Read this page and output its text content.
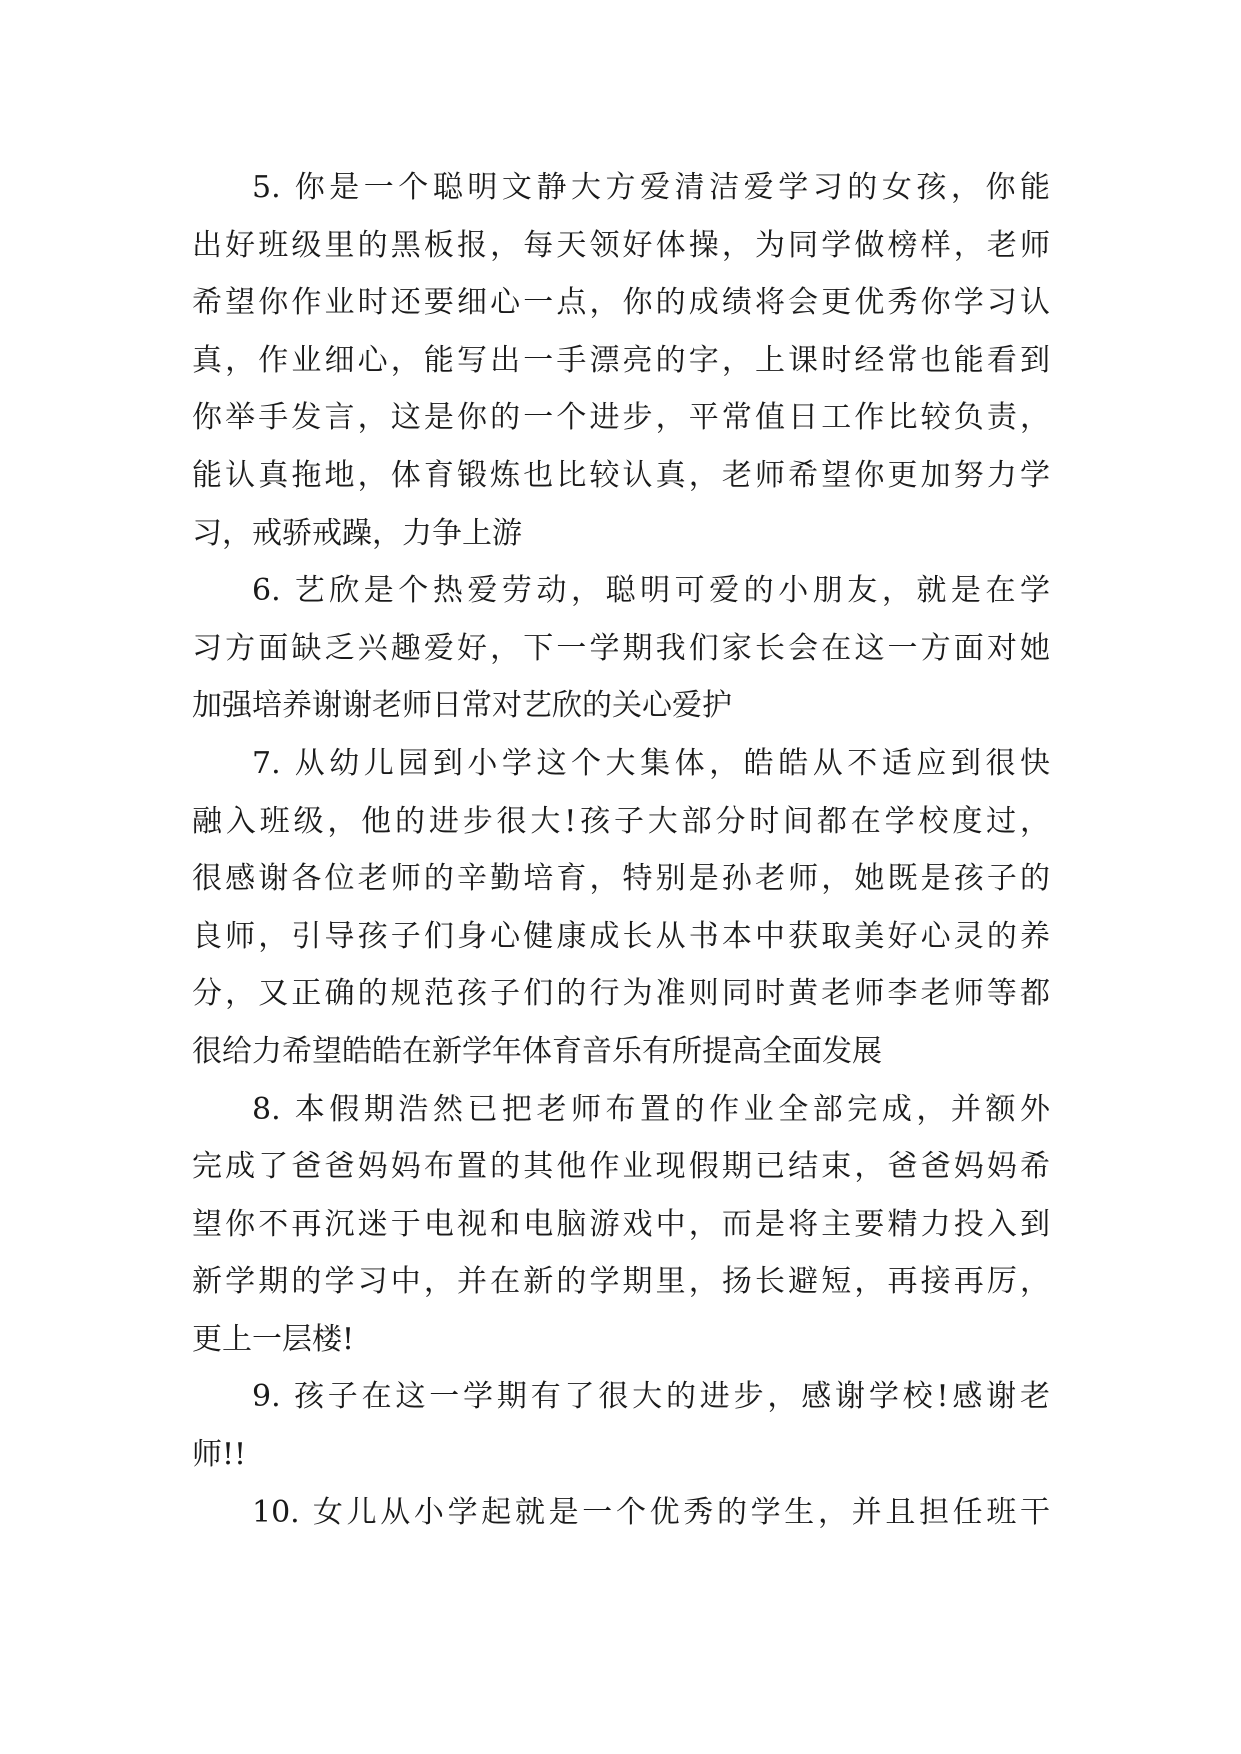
5. 你是一个聪明文静大方爱清洁爱学习的女孩，你能
出好班级里的黑板报，每天领好体操，为同学做榜样，老师
希望你作业时还要细心一点，你的成绩将会更优秀你学习认
真，作业细心，能写出一手漂亮的字，上课时经常也能看到
你举手发言，这是你的一个进步，平常值日工作比较负责，
能认真拖地，体育锻炼也比较认真，老师希望你更加努力学
习，戒骄戒躁，力争上游
6. 艺欣是个热爱劳动，聪明可爱的小朋友，就是在学
习方面缺乏兴趣爱好，下一学期我们家长会在这一方面对她
加强培养谢谢老师日常对艺欣的关心爱护
7. 从幼儿园到小学这个大集体，皓皓从不适应到很快
融入班级，他的进步很大!孩子大部分时间都在学校度过，
很感谢各位老师的辛勤培育，特别是孙老师，她既是孩子的
良师，引导孩子们身心健康成长从书本中获取美好心灵的养
分，又正确的规范孩子们的行为准则同时黄老师李老师等都
很给力希望皓皓在新学年体育音乐有所提高全面发展
8. 本假期浩然已把老师布置的作业全部完成，并额外
完成了爸爸妈妈布置的其他作业现假期已结束，爸爸妈妈希
望你不再沉迷于电视和电脑游戏中，而是将主要精力投入到
新学期的学习中，并在新的学期里，扬长避短，再接再厉，
更上一层楼!
9. 孩子在这一学期有了很大的进步，感谢学校!感谢老
师!!
10. 女儿从小学起就是一个优秀的学生，并且担任班干
